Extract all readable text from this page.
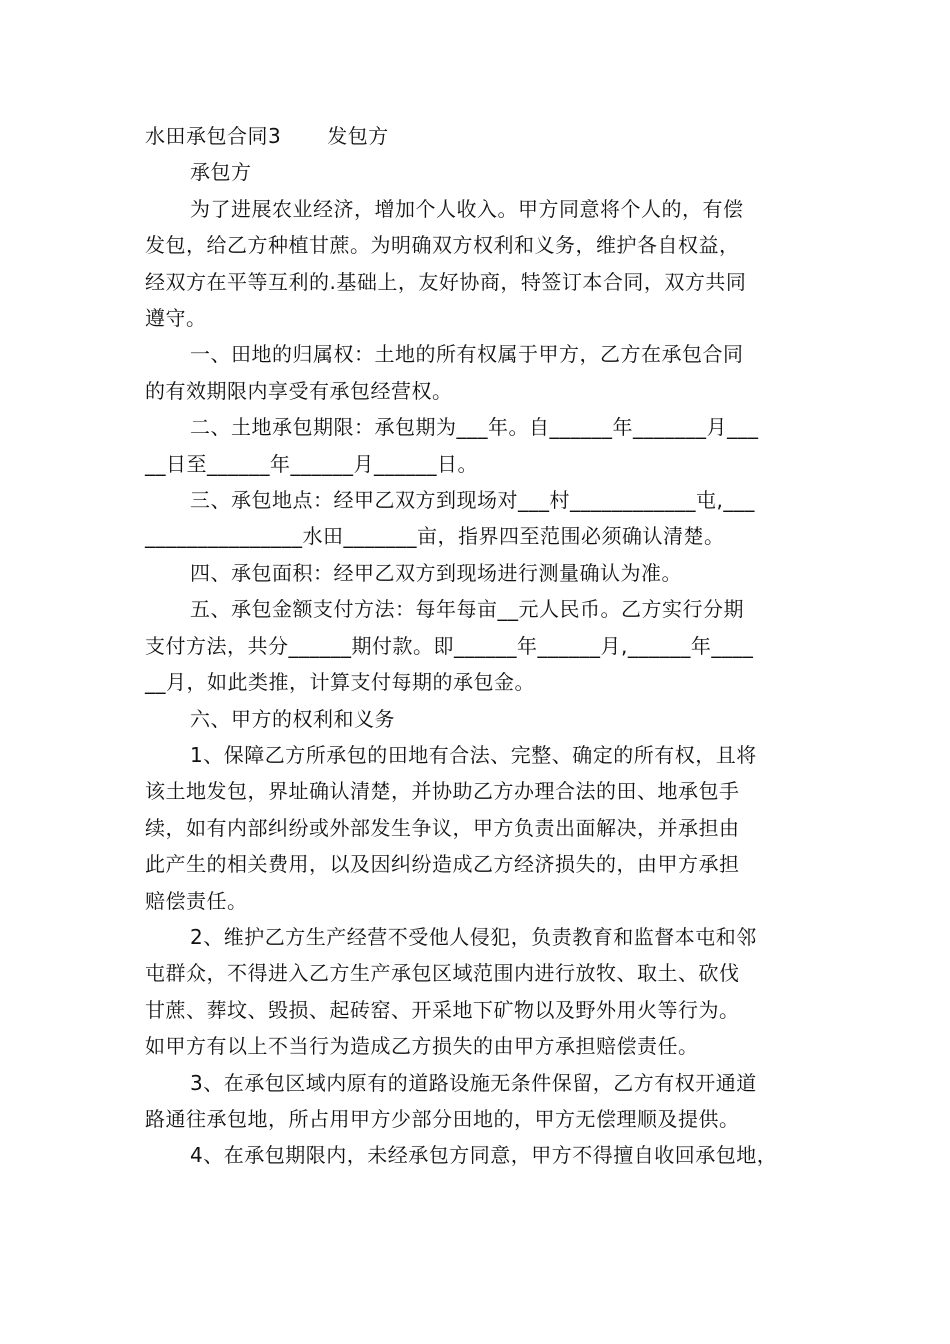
水田承包合同3 发包方

承包方

为了进展农业经济，增加个人收入。甲方同意将个人的，有偿

发包，给乙方种植甘蔗。为明确双方权利和义务，维护各自权益，

经双方在平等互利的.基础上，友好协商，特签订本合同，双方共同

遵守。

一、田地的归属权：土地的所有权属于甲方，乙方在承包合同

的有效期限内享受有承包经营权。

二、土地承包期限：承包期为___年。自______年_______月___

__日至______年______月______日。

三、承包地点：经甲乙双方到现场对___村____________屯,___

_______________水田_______亩，指界四至范围必须确认清楚。

四、承包面积：经甲乙双方到现场进行测量确认为准。

五、承包金额支付方法：每年每亩__元人民币。乙方实行分期

支付方法，共分______期付款。即______年______月,______年____

__月，如此类推，计算支付每期的承包金。

六、甲方的权利和义务

1、保障乙方所承包的田地有合法、完整、确定的所有权，且将

该土地发包，界址确认清楚，并协助乙方办理合法的田、地承包手

续，如有内部纠纷或外部发生争议，甲方负责出面解决，并承担由

此产生的相关费用，以及因纠纷造成乙方经济损失的，由甲方承担

赔偿责任。

2、维护乙方生产经营不受他人侵犯，负责教育和监督本屯和邻

屯群众，不得进入乙方生产承包区域范围内进行放牧、取土、砍伐

甘蔗、葬坟、毁损、起砖窑、开采地下矿物以及野外用火等行为。

如甲方有以上不当行为造成乙方损失的由甲方承担赔偿责任。

3、在承包区域内原有的道路设施无条件保留，乙方有权开通道

路通往承包地，所占用甲方少部分田地的，甲方无偿理顺及提供。

4、在承包期限内，未经承包方同意，甲方不得擅自收回承包地，
